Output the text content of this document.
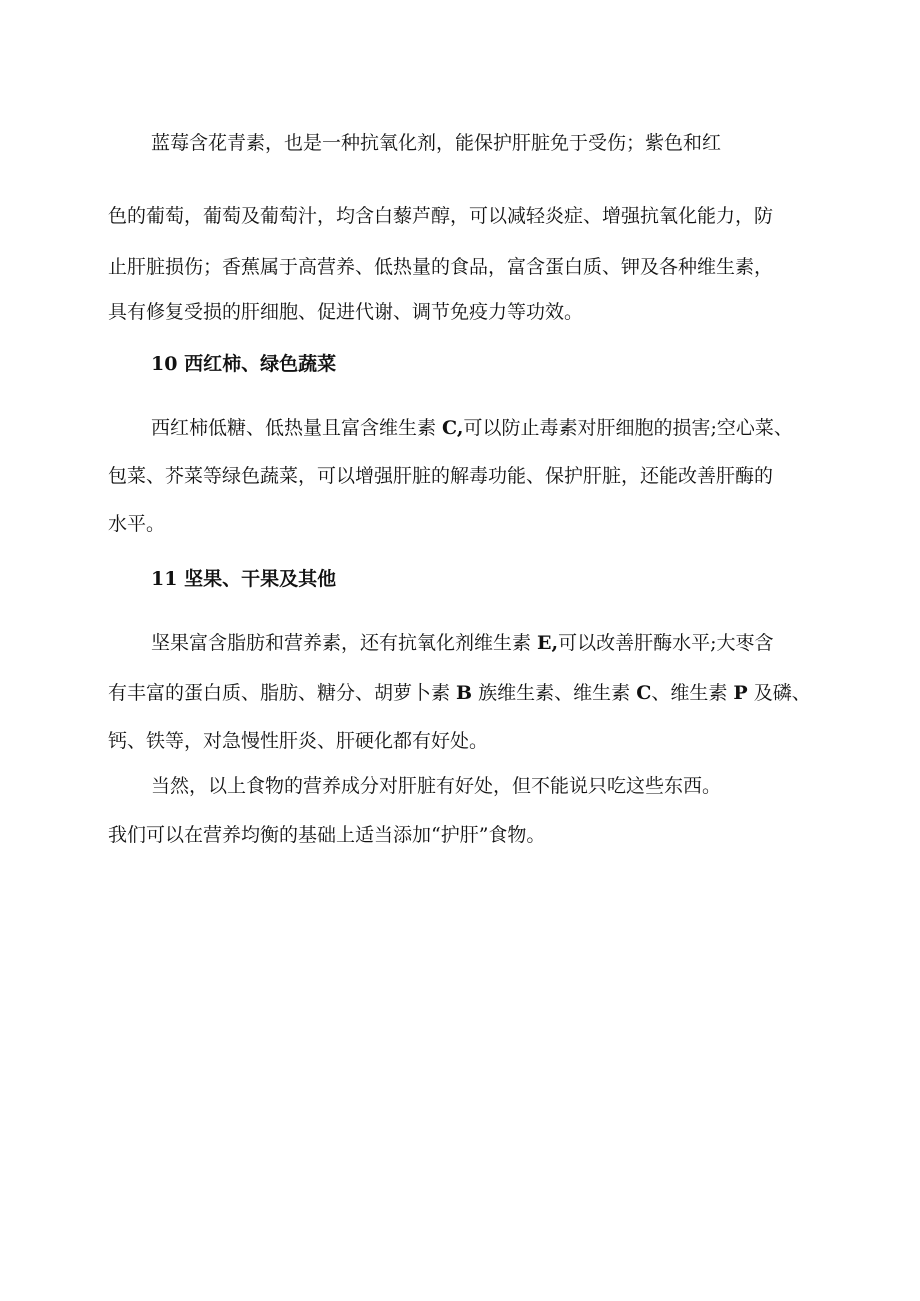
蓝莓含花青素，也是一种抗氧化剂，能保护肝脏免于受伤；紫色和红
色的葡萄，葡萄及葡萄汁，均含白藜芦醇，可以减轻炎症、增强抗氧化能力，防
止肝脏损伤；香蕉属于高营养、低热量的食品，富含蛋白质、钾及各种维生素，
具有修复受损的肝细胞、促进代谢、调节免疫力等功效。
10 西红柿、绿色蔬菜
西红柿低糖、低热量且富含维生素 C,可以防止毒素对肝细胞的损害;空心菜、
包菜、芥菜等绿色蔬菜，可以增强肝脏的解毒功能、保护肝脏，还能改善肝酶的
水平。
11 坚果、干果及其他
坚果富含脂肪和营养素，还有抗氧化剂维生素 E,可以改善肝酶水平;大枣含
有丰富的蛋白质、脂肪、糖分、胡萝卜素 B 族维生素、维生素 C、维生素 P 及磷、
钙、铁等，对急慢性肝炎、肝硬化都有好处。
当然，以上食物的营养成分对肝脏有好处，但不能说只吃这些东西。
我们可以在营养均衡的基础上适当添加“护肝”食物。
